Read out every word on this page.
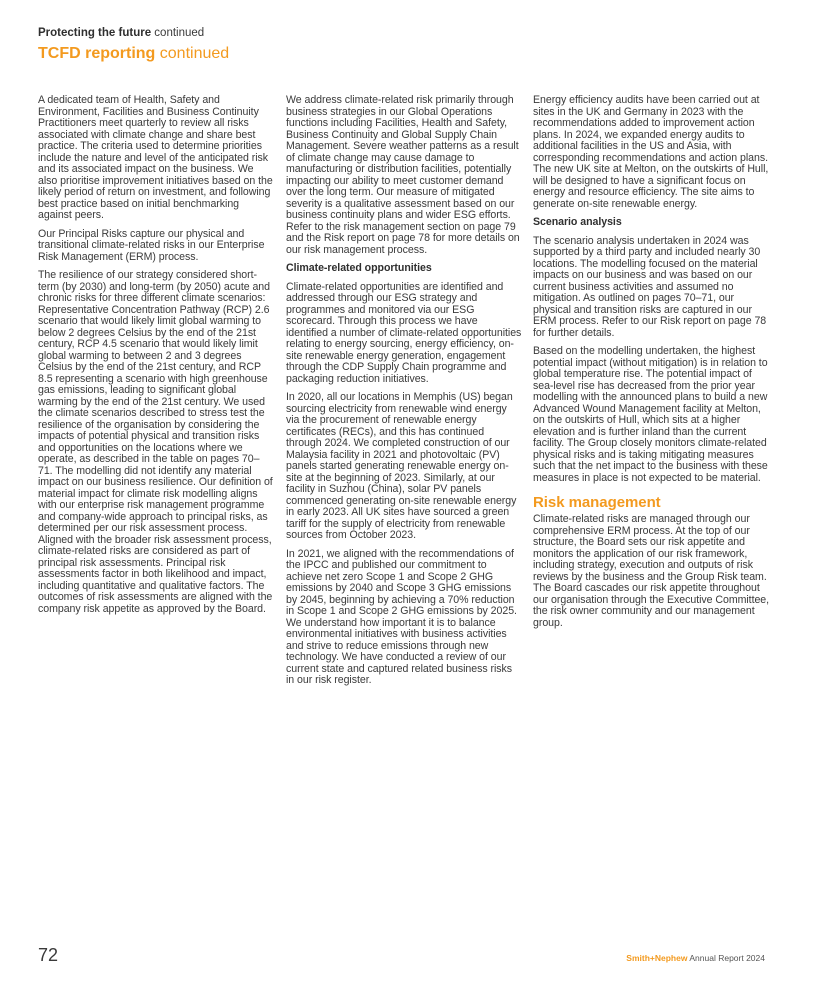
Protecting the future continued
TCFD reporting continued

A dedicated team of Health, Safety and Environment, Facilities and Business Continuity Practitioners meet quarterly to review all risks associated with climate change and share best practice. The criteria used to determine priorities include the nature and level of the anticipated risk and its associated impact on the business. We also prioritise improvement initiatives based on the likely period of return on investment, and following best practice based on initial benchmarking against peers.

Our Principal Risks capture our physical and transitional climate-related risks in our Enterprise Risk Management (ERM) process.

The resilience of our strategy considered short-term (by 2030) and long-term (by 2050) acute and chronic risks for three different climate scenarios: Representative Concentration Pathway (RCP) 2.6 scenario that would likely limit global warming to below 2 degrees Celsius by the end of the 21st century, RCP 4.5 scenario that would likely limit global warming to between 2 and 3 degrees Celsius by the end of the 21st century, and RCP 8.5 representing a scenario with high greenhouse gas emissions, leading to significant global warming by the end of the 21st century. We used the climate scenarios described to stress test the resilience of the organisation by considering the impacts of potential physical and transition risks and opportunities on the locations where we operate, as described in the table on pages 70–71. The modelling did not identify any material impact on our business resilience. Our definition of material impact for climate risk modelling aligns with our enterprise risk management programme and company-wide approach to principal risks, as determined per our risk assessment process. Aligned with the broader risk assessment process, climate-related risks are considered as part of principal risk assessments. Principal risk assessments factor in both likelihood and impact, including quantitative and qualitative factors. The outcomes of risk assessments are aligned with the company risk appetite as approved by the Board.

We address climate-related risk primarily through business strategies in our Global Operations functions including Facilities, Health and Safety, Business Continuity and Global Supply Chain Management. Severe weather patterns as a result of climate change may cause damage to manufacturing or distribution facilities, potentially impacting our ability to meet customer demand over the long term. Our measure of mitigated severity is a qualitative assessment based on our business continuity plans and wider ESG efforts. Refer to the risk management section on page 79 and the Risk report on page 78 for more details on our risk management process.

Climate-related opportunities

Climate-related opportunities are identified and addressed through our ESG strategy and programmes and monitored via our ESG scorecard. Through this process we have identified a number of climate-related opportunities relating to energy sourcing, energy efficiency, on-site renewable energy generation, engagement through the CDP Supply Chain programme and packaging reduction initiatives.

In 2020, all our locations in Memphis (US) began sourcing electricity from renewable wind energy via the procurement of renewable energy certificates (RECs), and this has continued through 2024. We completed construction of our Malaysia facility in 2021 and photovoltaic (PV) panels started generating renewable energy on-site at the beginning of 2023. Similarly, at our facility in Suzhou (China), solar PV panels commenced generating on-site renewable energy in early 2023. All UK sites have sourced a green tariff for the supply of electricity from renewable sources from October 2023.

In 2021, we aligned with the recommendations of the IPCC and published our commitment to achieve net zero Scope 1 and Scope 2 GHG emissions by 2040 and Scope 3 GHG emissions by 2045, beginning by achieving a 70% reduction in Scope 1 and Scope 2 GHG emissions by 2025. We understand how important it is to balance environmental initiatives with business activities and strive to reduce emissions through new technology. We have conducted a review of our current state and captured related business risks in our risk register.

Energy efficiency audits have been carried out at sites in the UK and Germany in 2023 with the recommendations added to improvement action plans. In 2024, we expanded energy audits to additional facilities in the US and Asia, with corresponding recommendations and action plans. The new UK site at Melton, on the outskirts of Hull, will be designed to have a significant focus on energy and resource efficiency. The site aims to generate on-site renewable energy.

Scenario analysis

The scenario analysis undertaken in 2024 was supported by a third party and included nearly 30 locations. The modelling focused on the material impacts on our business and was based on our current business activities and assumed no mitigation. As outlined on pages 70–71, our physical and transition risks are captured in our ERM process. Refer to our Risk report on page 78 for further details.

Based on the modelling undertaken, the highest potential impact (without mitigation) is in relation to global temperature rise. The potential impact of sea-level rise has decreased from the prior year modelling with the announced plans to build a new Advanced Wound Management facility at Melton, on the outskirts of Hull, which sits at a higher elevation and is further inland than the current facility. The Group closely monitors climate-related physical risks and is taking mitigating measures such that the net impact to the business with these measures in place is not expected to be material.

Risk management

Climate-related risks are managed through our comprehensive ERM process. At the top of our structure, the Board sets our risk appetite and monitors the application of our risk framework, including strategy, execution and outputs of risk reviews by the business and the Group Risk team. The Board cascades our risk appetite throughout our organisation through the Executive Committee, the risk owner community and our management group.

72	Smith+Nephew Annual Report 2024
